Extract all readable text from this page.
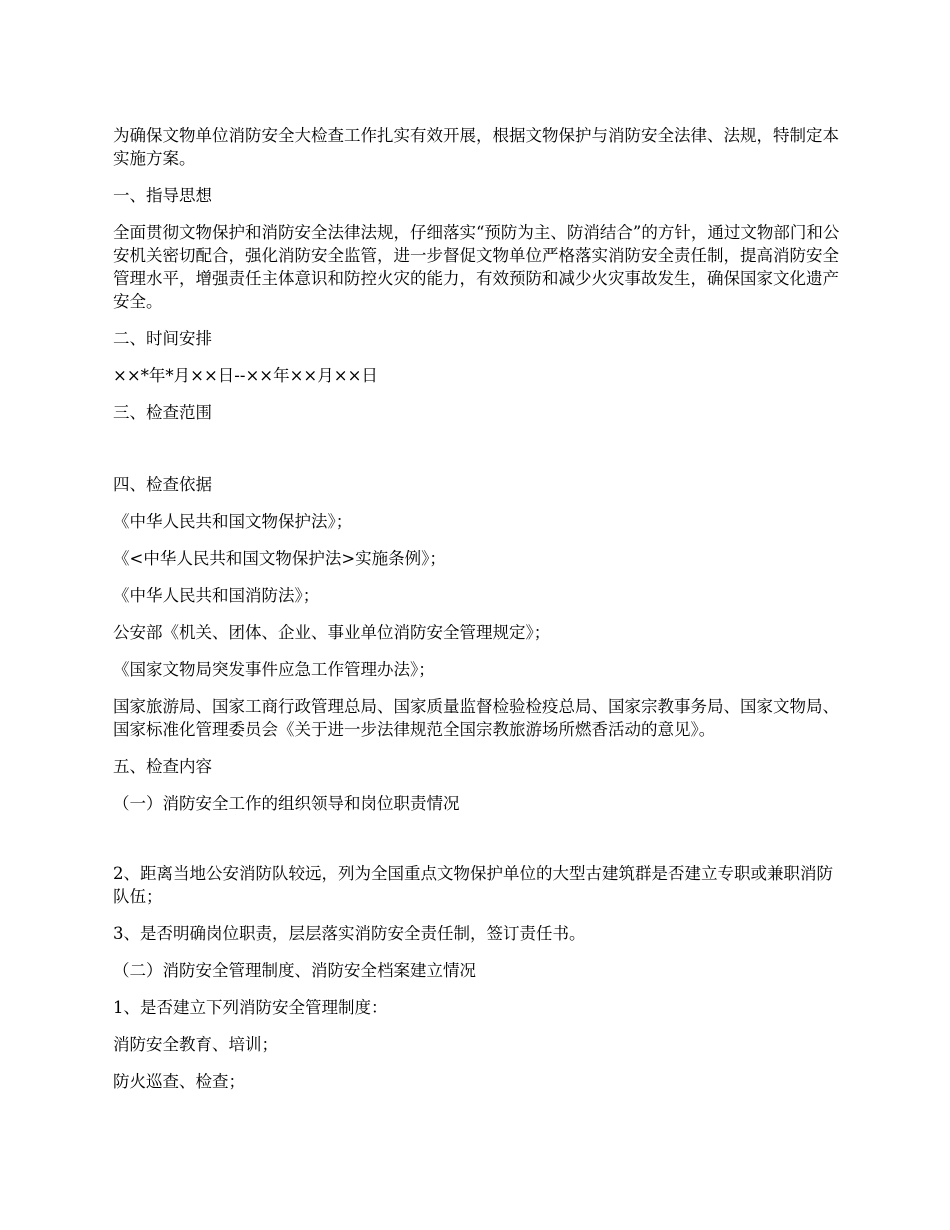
为确保文物单位消防安全大检查工作扎实有效开展，根据文物保护与消防安全法律、法规，特制定本实施方案。

一、指导思想

全面贯彻文物保护和消防安全法律法规，仔细落实“预防为主、防消结合”的方针，通过文物部门和公安机关密切配合，强化消防安全监管，进一步督促文物单位严格落实消防安全责任制，提高消防安全管理水平，增强责任主体意识和防控火灾的能力，有效预防和减少火灾事故发生，确保国家文化遗产安全。

二、时间安排

××*年*月××日--××年××月××日

三、检查范围

四、检查依据

《中华人民共和国文物保护法》；

《<中华人民共和国文物保护法>实施条例》；

《中华人民共和国消防法》；

公安部《机关、团体、企业、事业单位消防安全管理规定》；

《国家文物局突发事件应急工作管理办法》；

国家旅游局、国家工商行政管理总局、国家质量监督检验检疫总局、国家宗教事务局、国家文物局、国家标准化管理委员会《关于进一步法律规范全国宗教旅游场所燃香活动的意见》。

五、检查内容

（一）消防安全工作的组织领导和岗位职责情况

2、距离当地公安消防队较远，列为全国重点文物保护单位的大型古建筑群是否建立专职或兼职消防队伍；

3、是否明确岗位职责，层层落实消防安全责任制，签订责任书。

（二）消防安全管理制度、消防安全档案建立情况

1、是否建立下列消防安全管理制度：

消防安全教育、培训；

防火巡查、检查；
